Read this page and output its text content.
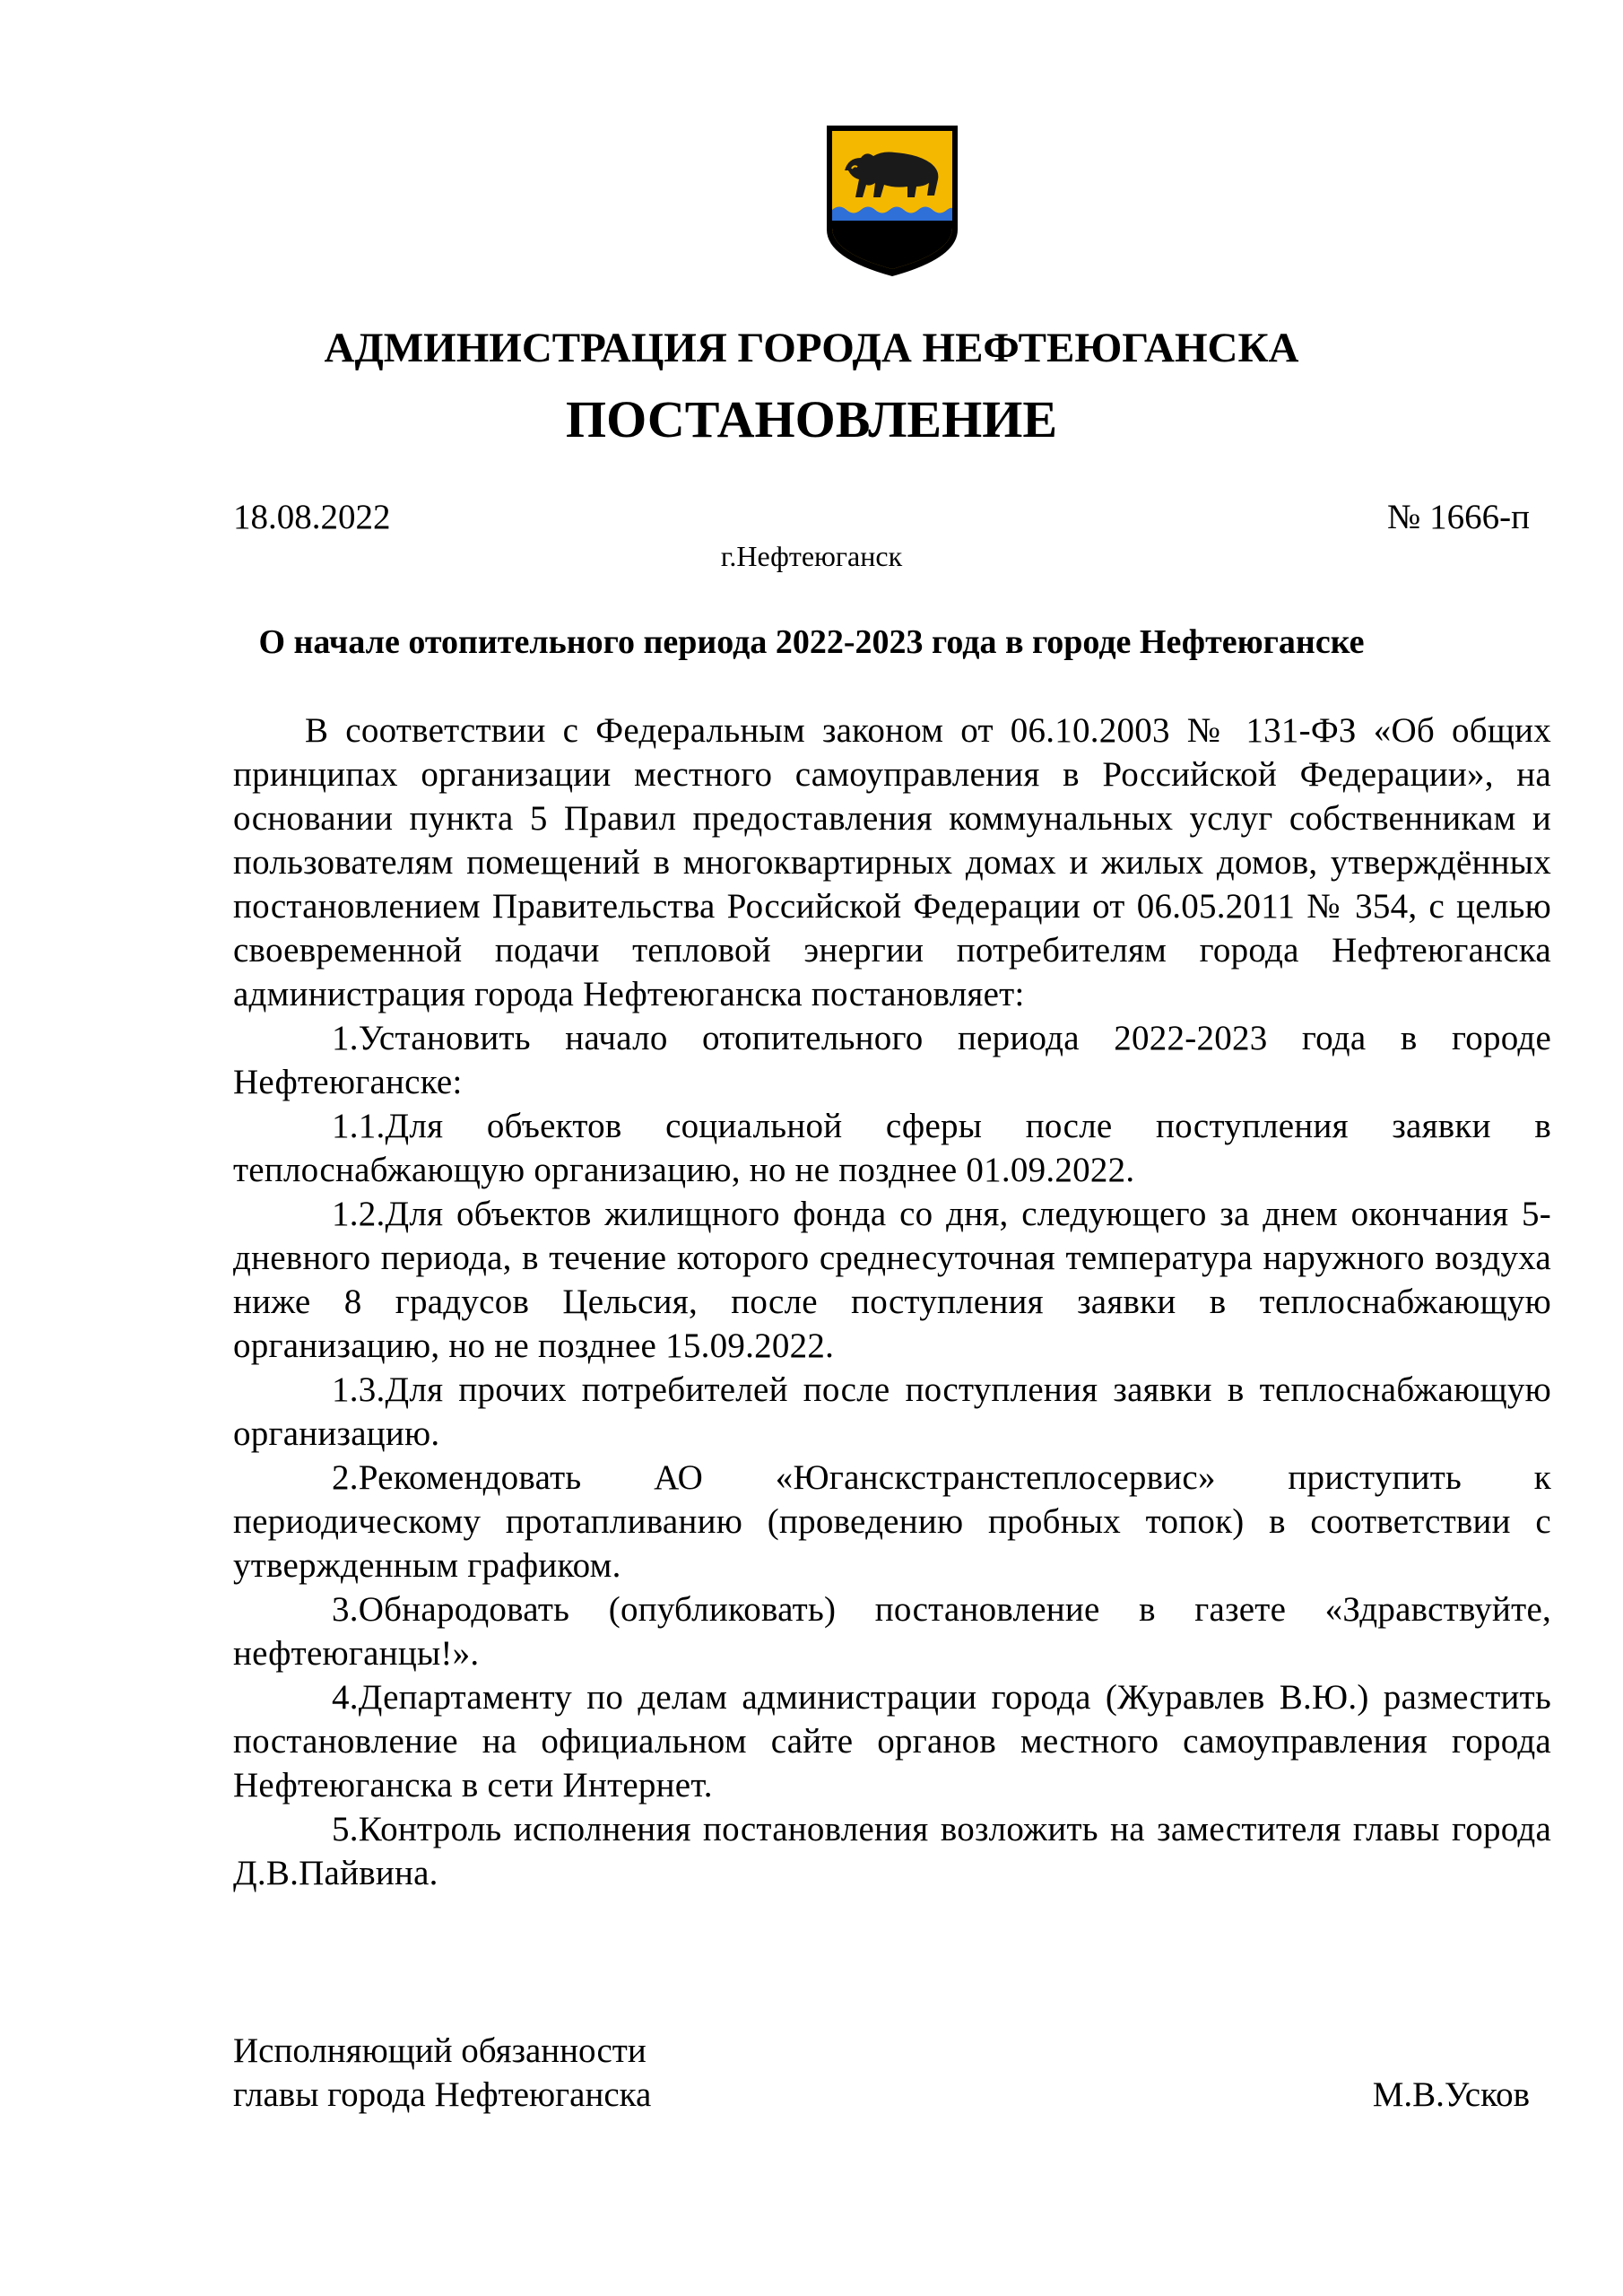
АДМИНИСТРАЦИЯ ГОРОДА НЕФТЕЮГАНСКА
ПОСТАНОВЛЕНИЕ
18.08.2022	№ 1666-п
г.Нефтеюганск
О начале отопительного периода 2022-2023 года в городе Нефтеюганске

В соответствии с Федеральным законом от 06.10.2003 № 131-ФЗ «Об общих принципах организации местного самоуправления в Российской Федерации», на основании пункта 5 Правил предоставления коммунальных услуг собственникам и пользователям помещений в многоквартирных домах и жилых домов, утверждённых постановлением Правительства Российской Федерации от 06.05.2011 № 354, с целью своевременной подачи тепловой энергии потребителям города Нефтеюганска администрация города Нефтеюганска постановляет:

1.Установить начало отопительного периода 2022-2023 года в городе Нефтеюганске:

1.1.Для объектов социальной сферы после поступления заявки в теплоснабжающую организацию, но не позднее 01.09.2022.

1.2.Для объектов жилищного фонда со дня, следующего за днем окончания 5-дневного периода, в течение которого среднесуточная температура наружного воздуха ниже 8 градусов Цельсия, после поступления заявки в теплоснабжающую организацию, но не позднее 15.09.2022.

1.3.Для прочих потребителей после поступления заявки в теплоснабжающую организацию.

2.Рекомендовать АО «Юганскстранстеплосервис» приступить к периодическому протапливанию (проведению пробных топок) в соответствии с утвержденным графиком.

3.Обнародовать (опубликовать) постановление в газете «Здравствуйте, нефтеюганцы!».

4.Департаменту по делам администрации города (Журавлев В.Ю.) разместить постановление на официальном сайте органов местного самоуправления города Нефтеюганска в сети Интернет.

5.Контроль исполнения постановления возложить на заместителя главы города Д.В.Пайвина.

Исполняющий обязанности
главы города Нефтеюганска	М.В.Усков
